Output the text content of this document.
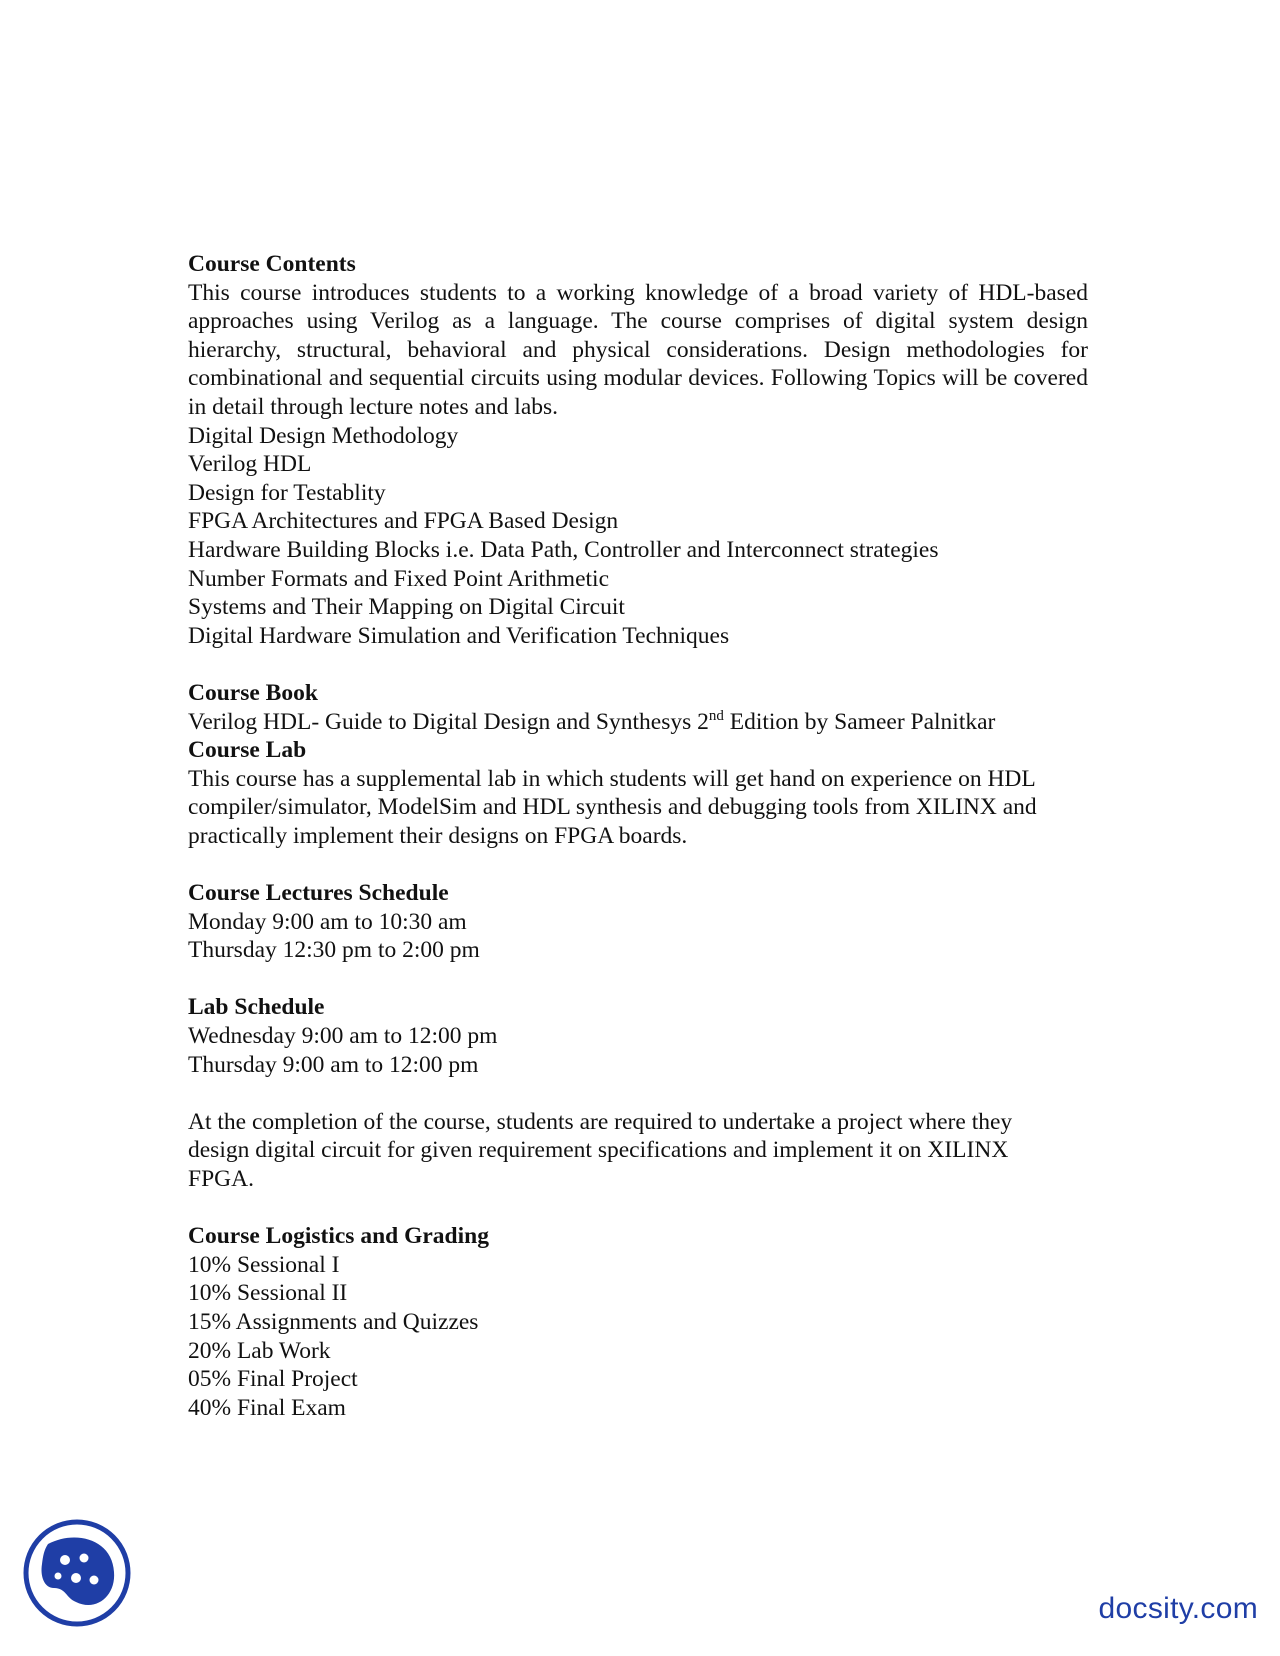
Course Contents

This course introduces students to a working knowledge of a broad variety of HDL-based approaches using Verilog as a language. The course comprises of digital system design hierarchy, structural, behavioral and physical considerations. Design methodologies for combinational and sequential circuits using modular devices. Following Topics will be covered in detail through lecture notes and labs.

Digital Design Methodology

Verilog HDL

Design for Testablity

FPGA Architectures and FPGA Based Design

Hardware Building Blocks i.e. Data Path, Controller and Interconnect strategies

Number Formats and Fixed Point Arithmetic

Systems and Their Mapping on Digital Circuit

Digital Hardware Simulation and Verification Techniques

Course Book

Verilog HDL- Guide to Digital Design and Synthesys 2nd Edition by Sameer Palnitkar

Course Lab

This course has a supplemental lab in which students will get hand on experience on HDL compiler/simulator, ModelSim and HDL synthesis and debugging tools from XILINX and practically implement their designs on FPGA boards.

Course Lectures Schedule

Monday 9:00 am to 10:30 am

Thursday 12:30 pm to 2:00 pm

Lab Schedule

Wednesday 9:00 am to 12:00 pm

Thursday 9:00 am to 12:00 pm

At the completion of the course, students are required to undertake a project where they design digital circuit for given requirement specifications and implement it on XILINX FPGA.

Course Logistics and Grading

10% Sessional I

10% Sessional II

15% Assignments and Quizzes

20% Lab Work

05% Final Project

40% Final Exam

docsity.com
